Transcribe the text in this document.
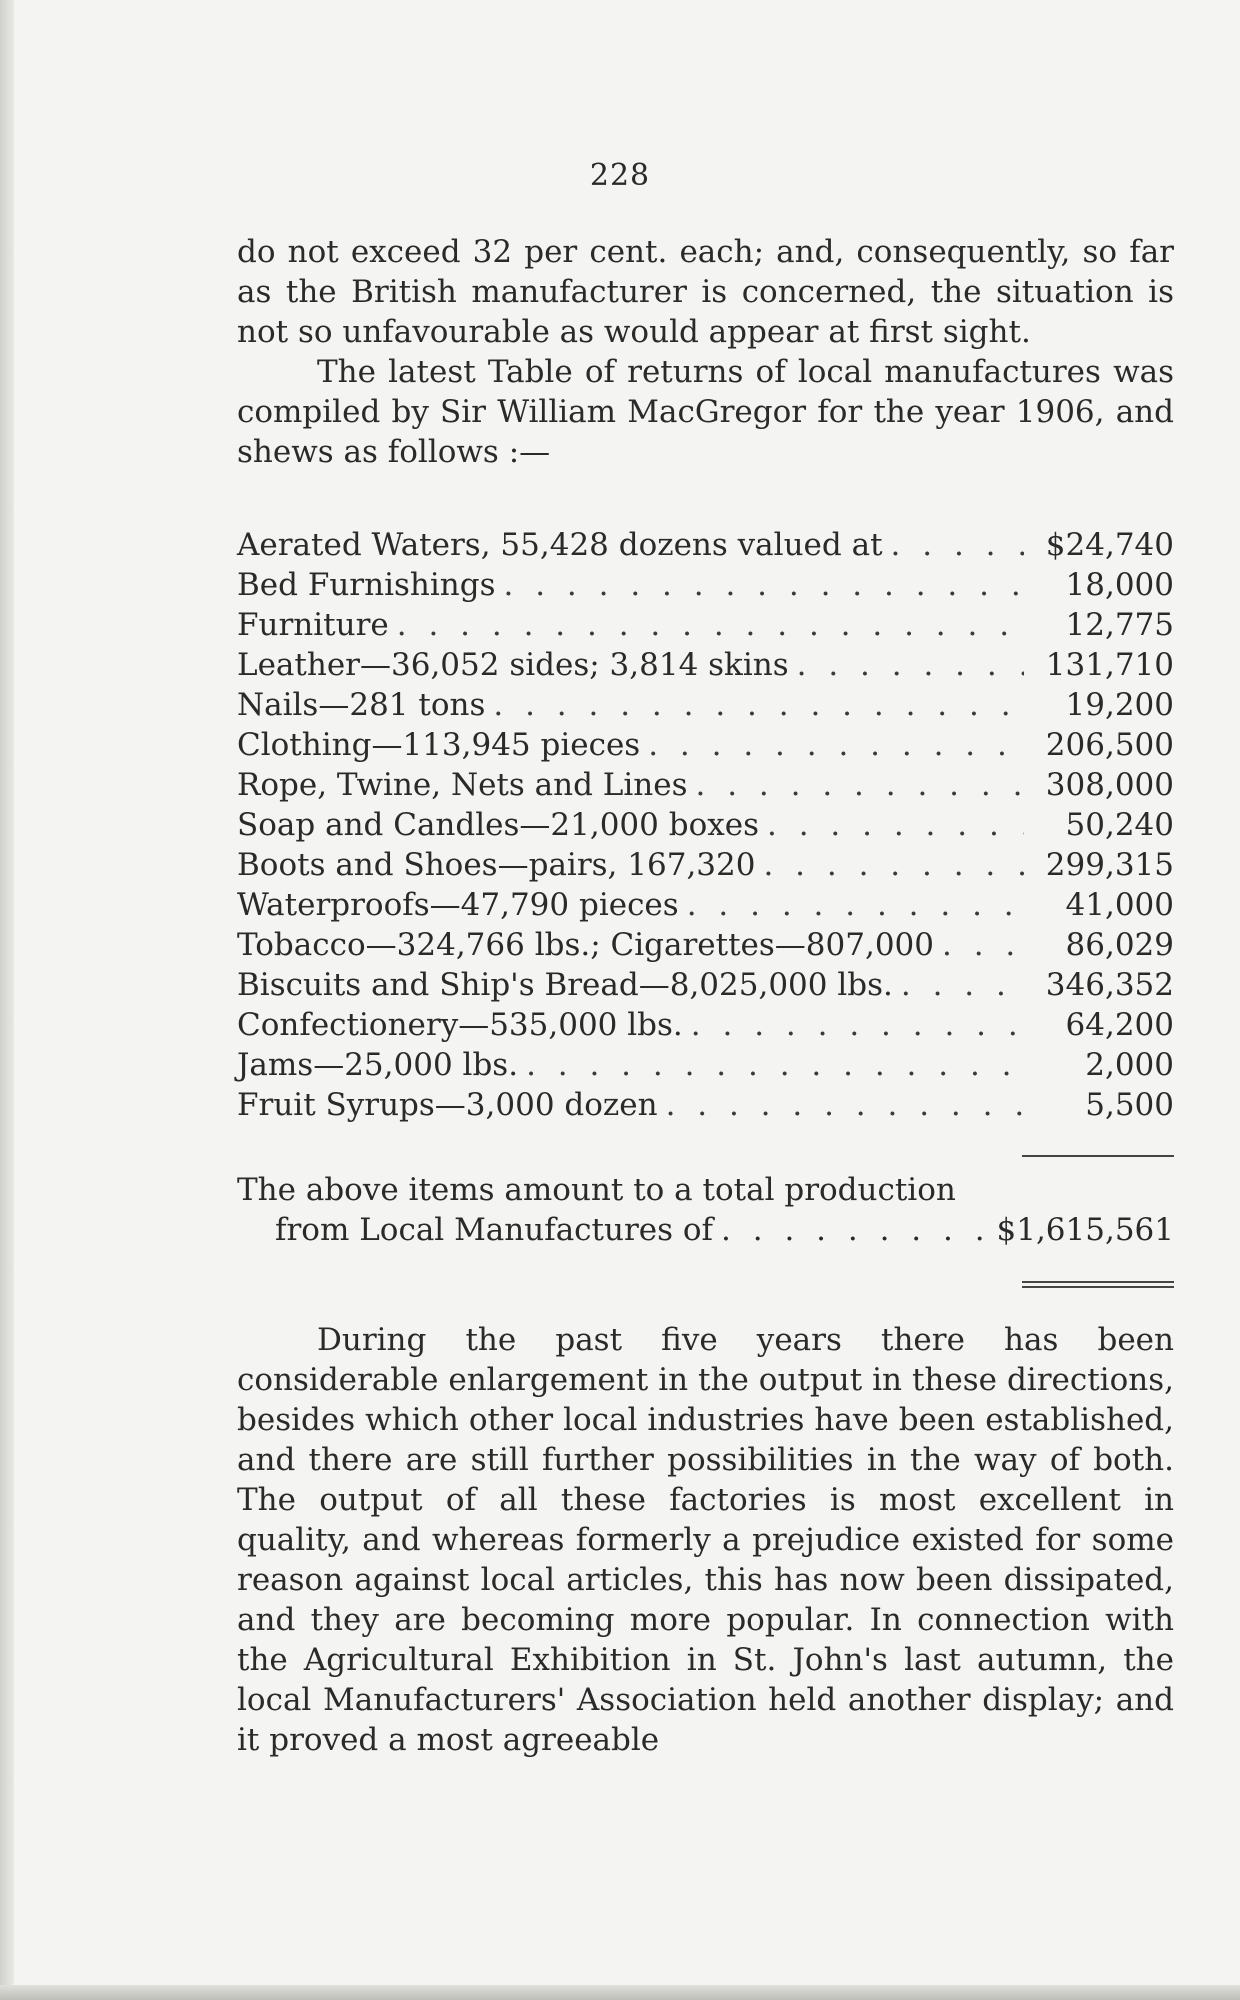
228

do not exceed 32 per cent. each; and, consequently, so far as the British manufacturer is concerned, the situation is not so unfavourable as would appear at first sight.

The latest Table of returns of local manufactures was compiled by Sir William MacGregor for the year 1906, and shews as follows :—

Aerated Waters, 55,428 dozens valued at . . .	$24,740
Bed Furnishings . . .	18,000
Furniture . . .	12,775
Leather—36,052 sides; 3,814 skins . . .	131,710
Nails—281 tons . . .	19,200
Clothing—113,945 pieces . . .	206,500
Rope, Twine, Nets and Lines . . .	308,000
Soap and Candles—21,000 boxes . . .	50,240
Boots and Shoes—pairs, 167,320 . . .	299,315
Waterproofs—47,790 pieces . . .	41,000
Tobacco—324,766 lbs.; Cigarettes—807,000 . . .	86,029
Biscuits and Ship's Bread—8,025,000 lbs. . . .	346,352
Confectionery—535,000 lbs. . . .	64,200
Jams—25,000 lbs. . . .	2,000
Fruit Syrups—3,000 dozen . . .	5,500
The above items amount to a total production
from Local Manufactures of . . .	$1,615,561

During the past five years there has been considerable enlargement in the output in these directions, besides which other local industries have been established, and there are still further possibilities in the way of both. The output of all these factories is most excellent in quality, and whereas formerly a prejudice existed for some reason against local articles, this has now been dissipated, and they are becoming more popular. In connection with the Agricultural Exhibition in St. John's last autumn, the local Manufacturers' Association held another display; and it proved a most agreeable
